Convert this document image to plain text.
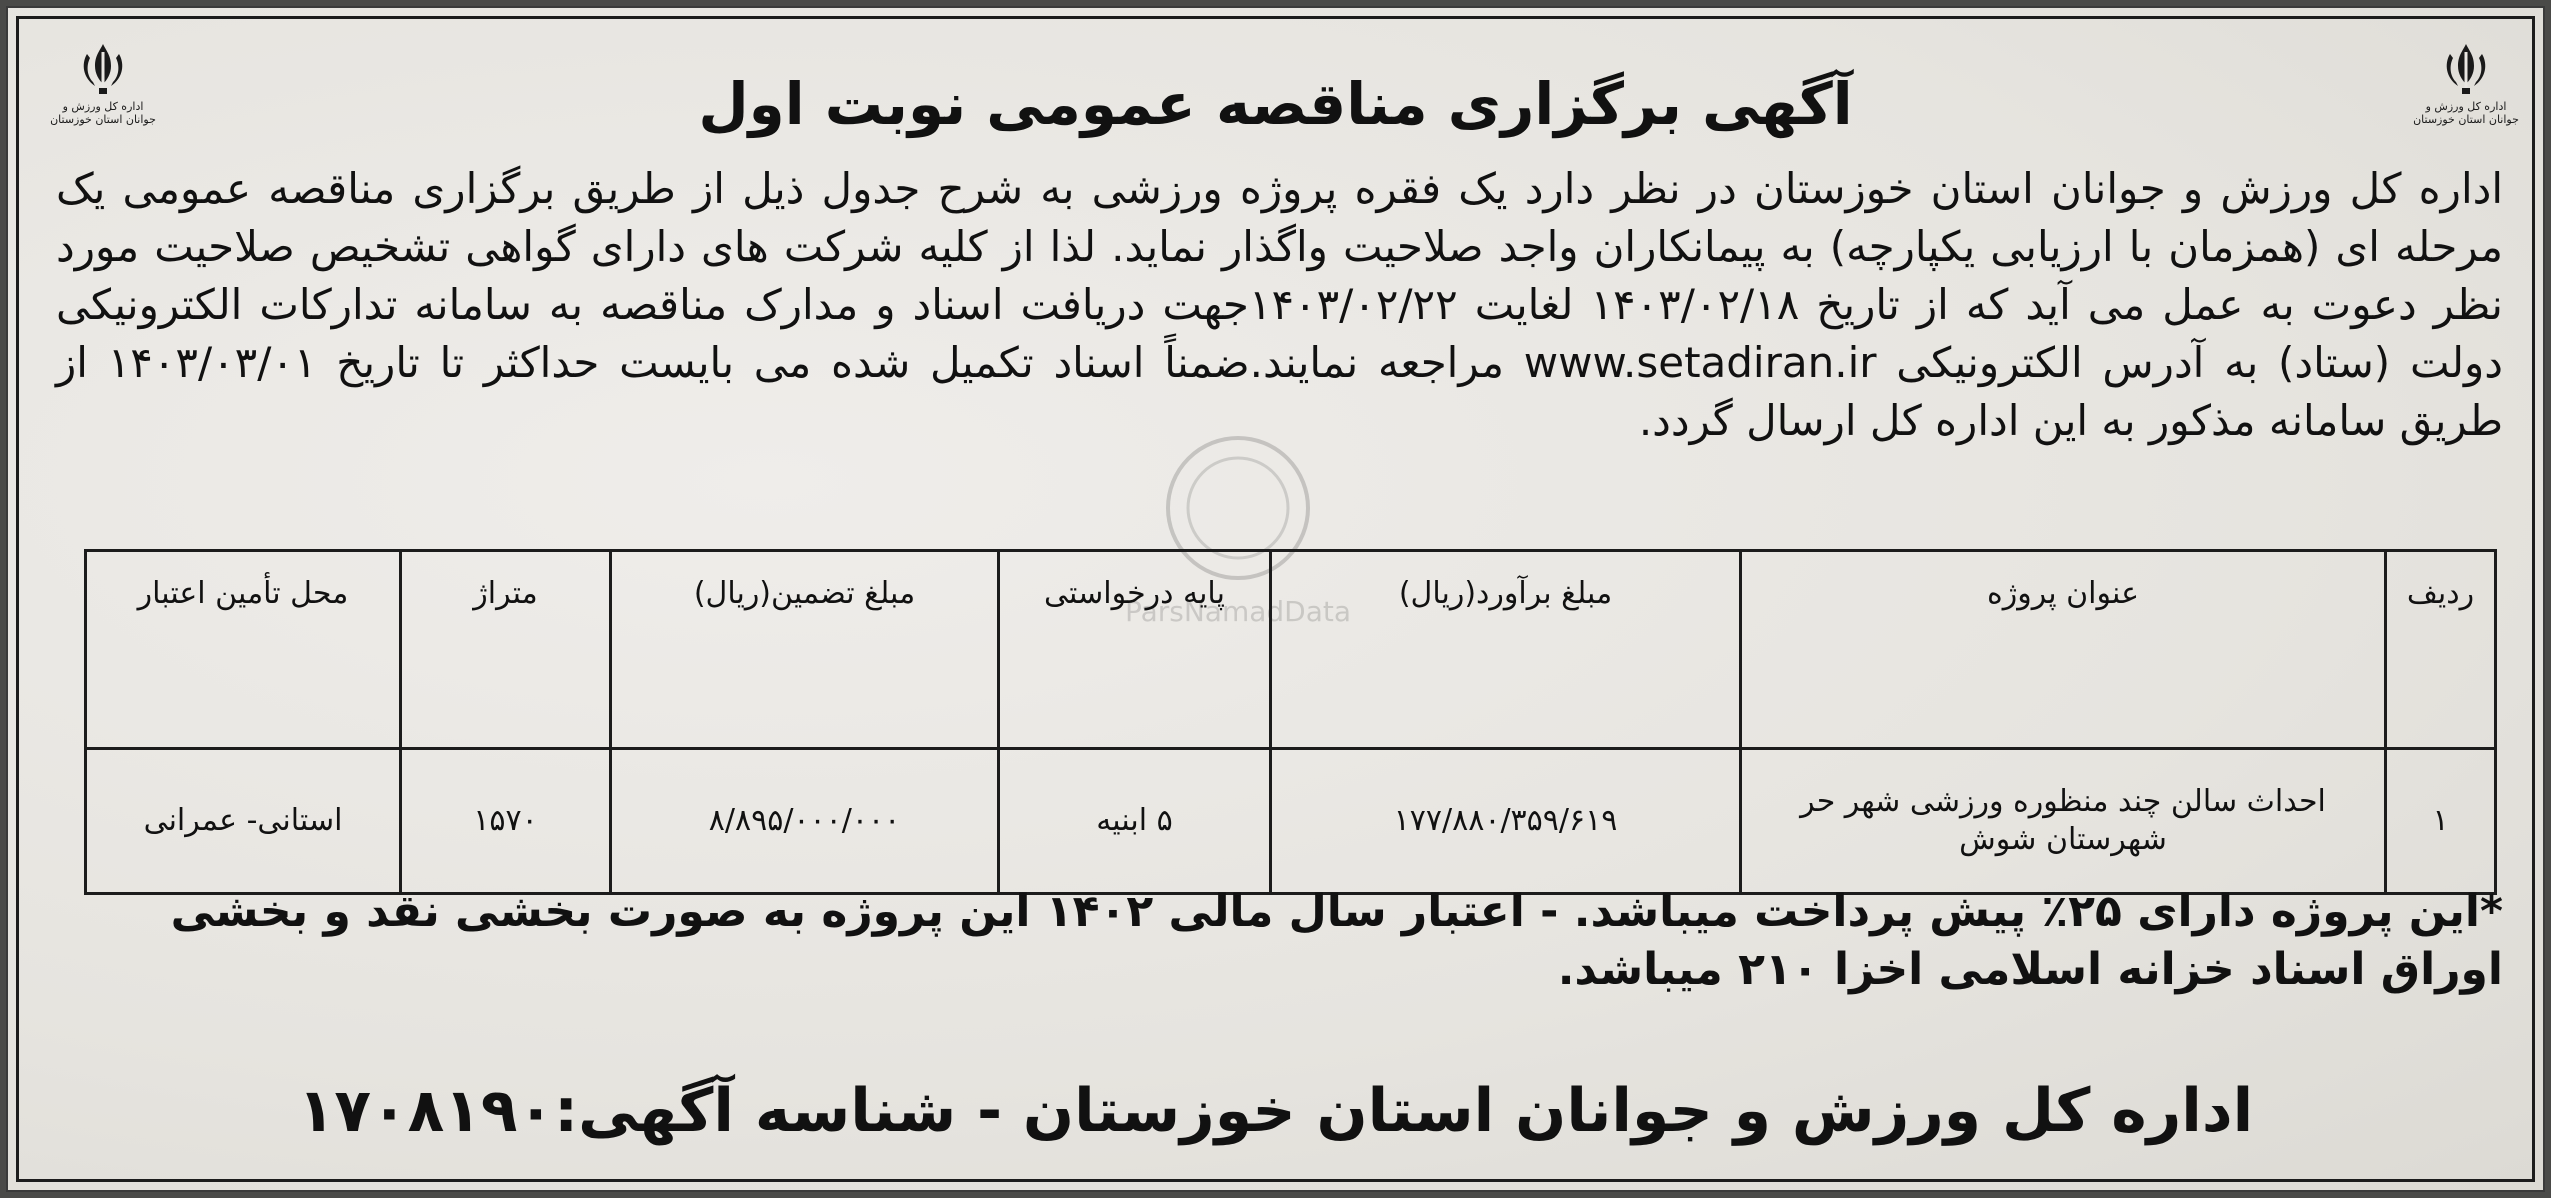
اداره کل ورزش و جوانان استان خوزستان
اداره کل ورزش و جوانان استان خوزستان	آگهی برگزاری مناقصه عمومی نوبت اول
اداره کل ورزش و جوانان استان خوزستان در نظر دارد یک فقره پروژه ورزشی به شرح جدول ذیل از طریق برگزاری مناقصه عمومی یک مرحله ای (همزمان با ارزیابی یکپارچه) به پیمانکاران واجد صلاحیت واگذار نماید. لذا از کلیه شرکت های دارای گواهی تشخیص صلاحیت مورد نظر دعوت به عمل می آید که از تاریخ ۱۴۰۳/۰۲/۱۸ لغایت ۱۴۰۳/۰۲/۲۲جهت دریافت اسناد و مدارک مناقصه به سامانه تدارکات الکترونیکی دولت (ستاد) به آدرس الکترونیکی www.setadiran.ir مراجعه نمایند.ضمناً اسناد تکمیل شده می بایست حداکثر تا تاریخ ۱۴۰۳/۰۳/۰۱ از طریق سامانه مذکور به این اداره کل ارسال گردد.
ParsNamadData
ردیف	عنوان پروژه	مبلغ برآورد(ریال)	پایه درخواستی	مبلغ تضمین(ریال)	متراژ	محل تأمین اعتبار
۱	احداث سالن چند منظوره ورزشی شهر حر شهرستان شوش	۱۷۷/۸۸۰/۳۵۹/۶۱۹	۵ ابنیه	۸/۸۹۵/۰۰۰/۰۰۰	۱۵۷۰	استانی- عمرانی
*این پروژه دارای ۲۵٪ پیش پرداخت میباشد. - اعتبار سال مالی ۱۴۰۲ این پروژه به صورت بخشی نقد و بخشی اوراق اسناد خزانه اسلامی اخزا ۲۱۰ میباشد.
اداره کل ورزش و جوانان استان خوزستان - شناسه آگهی:۱۷۰۸۱۹۰
